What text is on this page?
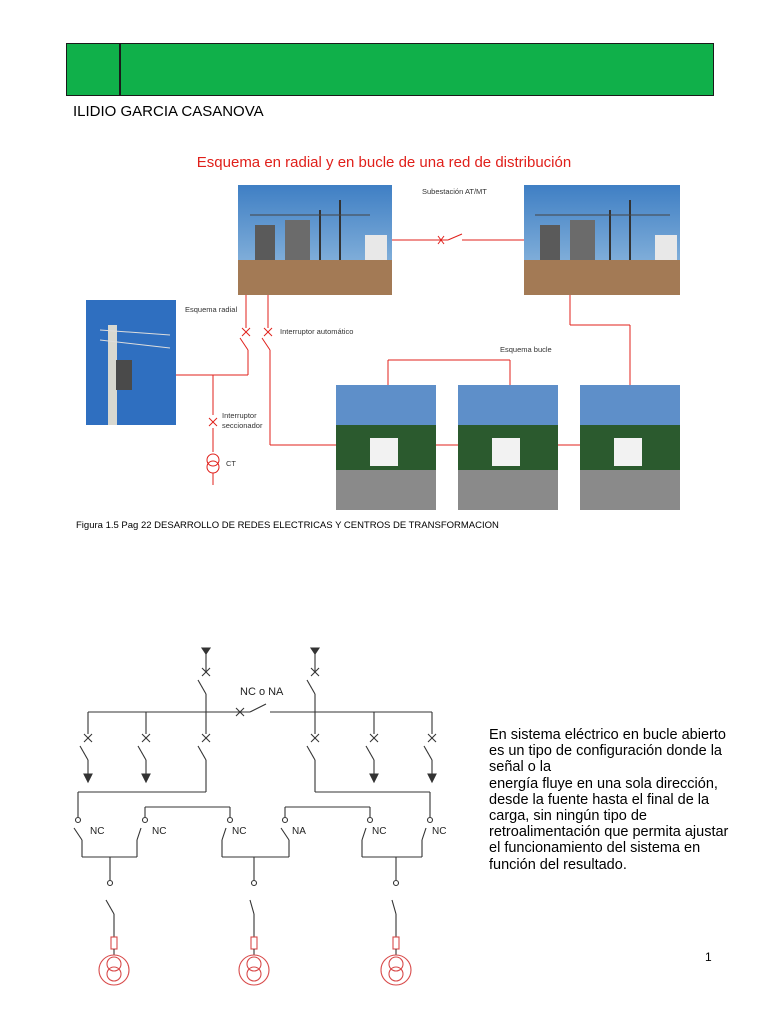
ILIDIO GARCIA CASANOVA
Esquema en radial y en bucle de una red de distribución
Subestación AT/MT
Esquema radial
Interruptor automático
Esquema bucle
Interruptor
seccionador
CT
Figura 1.5 Pag 22 DESARROLLO DE REDES ELECTRICAS Y CENTROS DE TRANSFORMACION
NC o NA
NC	NC	NC	NA	NC	NC
En sistema eléctrico en bucle abierto es un tipo de configuración donde la señal o la
energía fluye en una sola dirección, desde la fuente hasta el final de la carga, sin ningún tipo de retroalimentación que permita ajustar el funcionamiento del sistema en función del resultado.
1
